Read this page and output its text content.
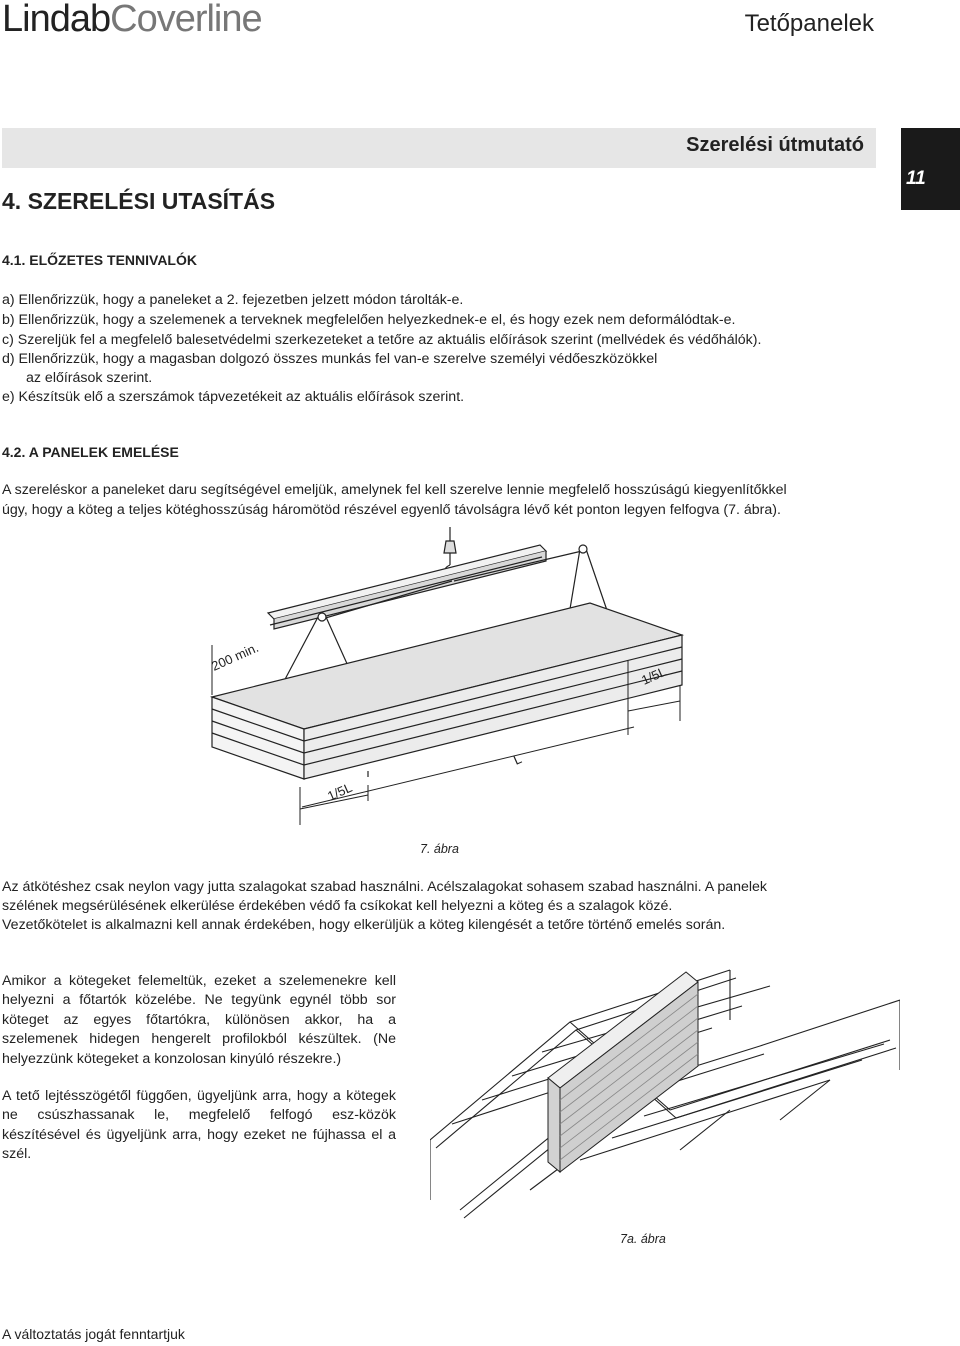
LindabCoverline	Tetőpanelek
Szerelési útmutató
11
4. SZERELÉSI UTASÍTÁS
4.1. ELŐZETES TENNIVALÓK
a) Ellenőrizzük, hogy a paneleket a 2. fejezetben jelzett módon tárolták-e.
b) Ellenőrizzük, hogy a szelemenek a terveknek megfelelően helyezkednek-e el, és hogy ezek nem deformálódtak-e.
c) Szereljük fel a megfelelő balesetvédelmi szerkezeteket a tetőre az aktuális előírások szerint (mellvédek és védőhálók).
d) Ellenőrizzük, hogy a magasban dolgozó összes munkás fel van-e szerelve személyi védőeszközökkel
az előírások szerint.
e) Készítsük elő a szerszámok tápvezetékeit az aktuális előírások szerint.
4.2. A PANELEK EMELÉSE
A szereléskor a paneleket daru segítségével emeljük, amelynek fel kell szerelve lennie megfelelő hosszúságú kiegyenlítőkkel
úgy, hogy a köteg a teljes kötéghosszúság háromötöd részével egyenlő távolságra lévő két ponton legyen felfogva (7. ábra).
200 min.
1/5L
L
1/5L
7. ábra
Az átkötéshez csak neylon vagy jutta szalagokat szabad használni. Acélszalagokat sohasem szabad használni. A panelek
szélének megsérülésének elkerülése érdekében védő fa csíkokat kell helyezni a köteg és a szalagok közé.
Vezetőkötelet is alkalmazni kell annak érdekében, hogy elkerüljük a köteg kilengését a tetőre történő emelés során.

Amikor a kötegeket felemeltük, ezeket a szelemenekre kell helyezni a főtartók közelébe. Ne tegyünk egynél több sor köteget az egyes főtartókra, különösen akkor, ha a szelemenek hidegen hengerelt profilokból készültek. (Ne helyezzünk kötegeket a konzolosan kinyúló részekre.)

A tető lejtésszögétől függően, ügyeljünk arra, hogy a kötegek ne csúszhassanak le, megfelelő felfogó esz-közök készítésével és ügyeljünk arra, hogy ezeket ne fújhassa el a szél.

7a. ábra
A változtatás jogát fenntartjuk
